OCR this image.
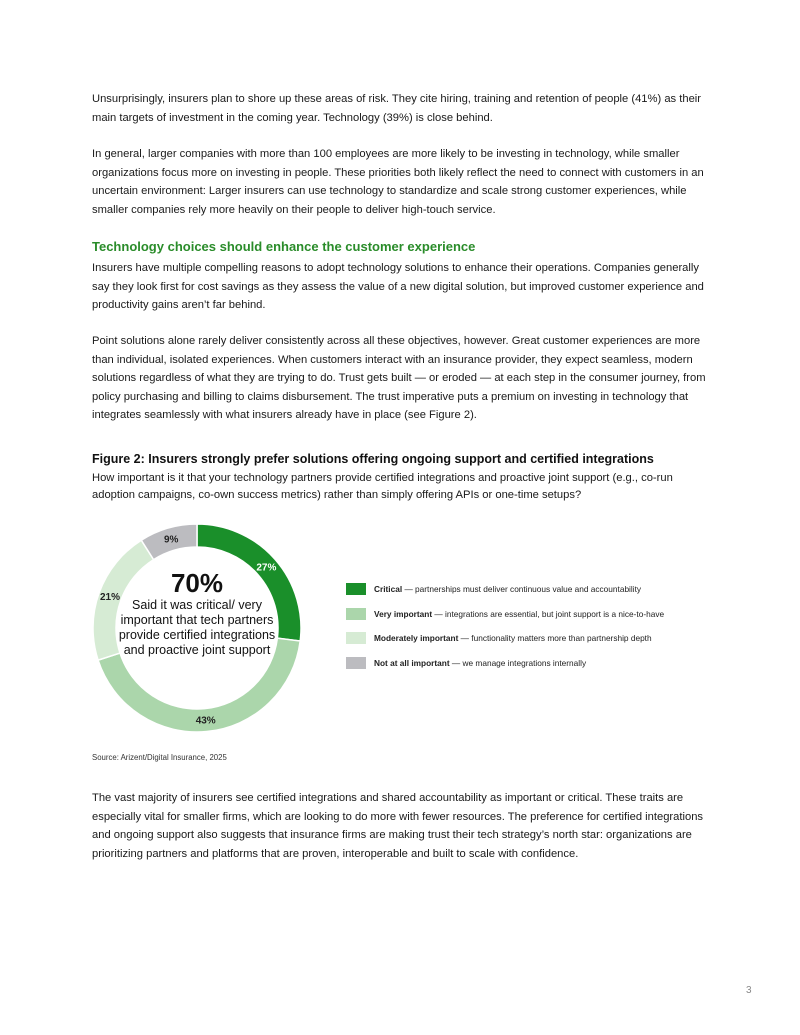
Unsurprisingly, insurers plan to shore up these areas of risk. They cite hiring, training and retention of people (41%) as their main targets of investment in the coming year. Technology (39%) is close behind.

In general, larger companies with more than 100 employees are more likely to be investing in technology, while smaller organizations focus more on investing in people. These priorities both likely reflect the need to connect with customers in an uncertain environment: Larger insurers can use technology to standardize and scale strong customer experiences, while smaller companies rely more heavily on their people to deliver high-touch service.

Technology choices should enhance the customer experience

Insurers have multiple compelling reasons to adopt technology solutions to enhance their operations. Companies generally say they look first for cost savings as they assess the value of a new digital solution, but improved customer experience and productivity gains aren’t far behind.

Point solutions alone rarely deliver consistently across all these objectives, however. Great customer experiences are more than individual, isolated experiences. When customers interact with an insurance provider, they expect seamless, modern solutions regardless of what they are trying to do. Trust gets built — or eroded — at each step in the consumer journey, from policy purchasing and billing to claims disbursement. The trust imperative puts a premium on investing in technology that integrates seamlessly with what insurers already have in place (see Figure 2).

Figure 2: Insurers strongly prefer solutions offering ongoing support and certified integrations

How important is it that your technology partners provide certified integrations and proactive joint support (e.g., co-run adoption campaigns, co-own success metrics) rather than simply offering APIs or one-time setups?

27%
43%
21%
9%
70%
Said it was critical/ very important that tech partners provide certified integrations and proactive joint support
Critical — partnerships must deliver continuous value and accountability
Very important — integrations are essential, but joint support is a nice-to-have
Moderately important — functionality matters more than partnership depth
Not at all important — we manage integrations internally
Source: Arizent/Digital Insurance, 2025

The vast majority of insurers see certified integrations and shared accountability as important or critical. These traits are especially vital for smaller firms, which are looking to do more with fewer resources. The preference for certified integrations and ongoing support also suggests that insurance firms are making trust their tech strategy’s north star: organizations are prioritizing partners and platforms that are proven, interoperable and built to scale with confidence.

3
